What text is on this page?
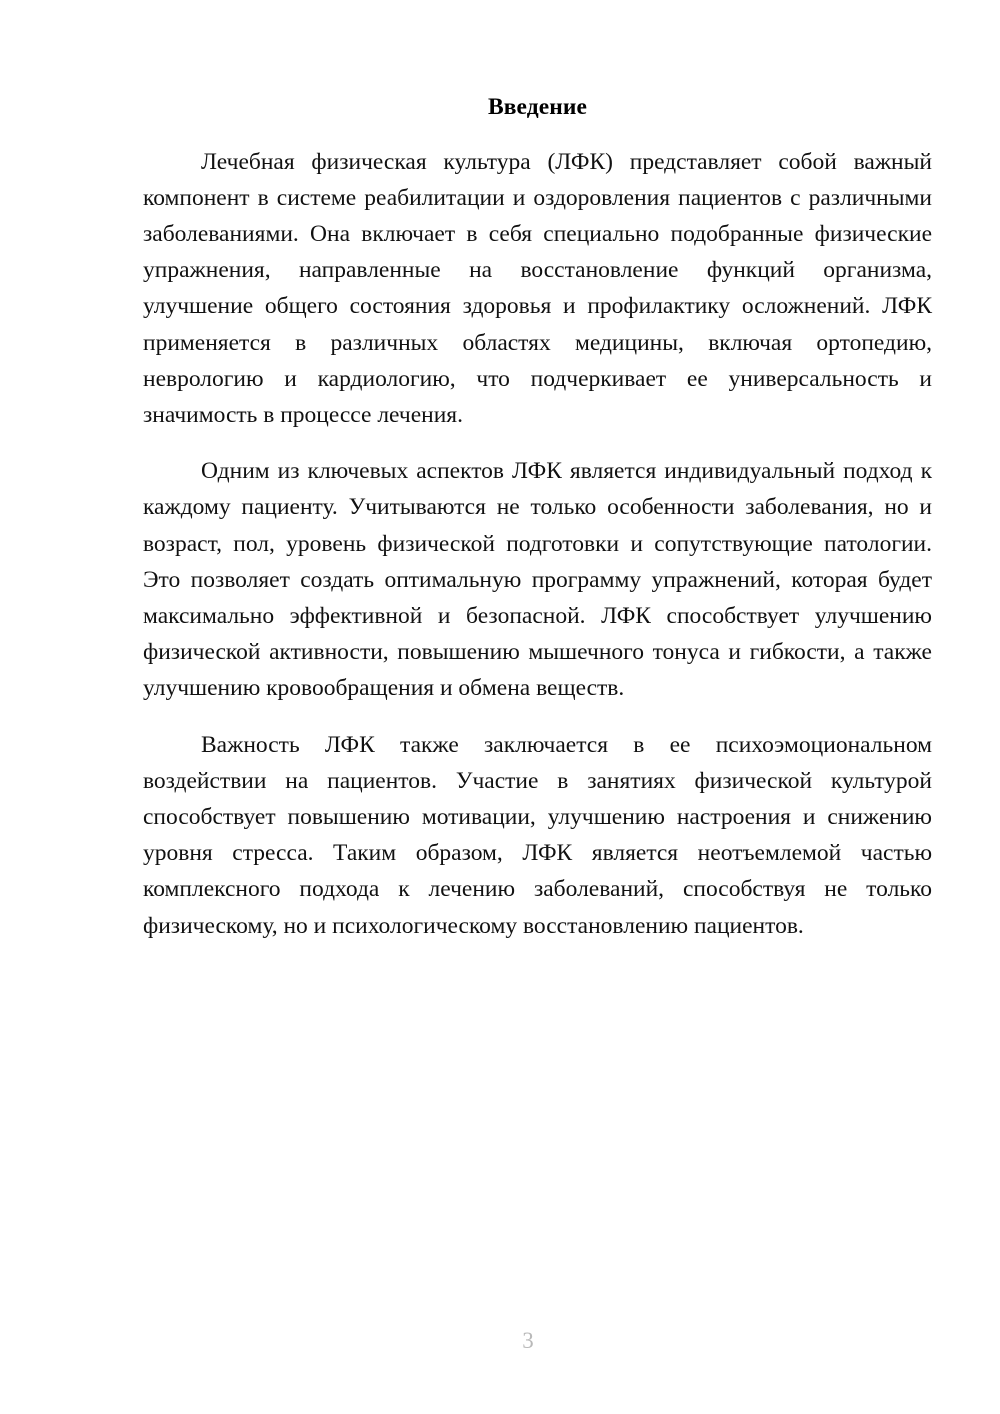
Введение

Лечебная физическая культура (ЛФК) представляет собой важный компонент в системе реабилитации и оздоровления пациентов с различными заболеваниями. Она включает в себя специально подобранные физические упражнения, направленные на восстановление функций организма, улучшение общего состояния здоровья и профилактику осложнений. ЛФК применяется в различных областях медицины, включая ортопедию, неврологию и кардиологию, что подчеркивает ее универсальность и значимость в процессе лечения.

Одним из ключевых аспектов ЛФК является индивидуальный подход к каждому пациенту. Учитываются не только особенности заболевания, но и возраст, пол, уровень физической подготовки и сопутствующие патологии. Это позволяет создать оптимальную программу упражнений, которая будет максимально эффективной и безопасной. ЛФК способствует улучшению физической активности, повышению мышечного тонуса и гибкости, а также улучшению кровообращения и обмена веществ.

Важность ЛФК также заключается в ее психоэмоциональном воздействии на пациентов. Участие в занятиях физической культурой способствует повышению мотивации, улучшению настроения и снижению уровня стресса. Таким образом, ЛФК является неотъемлемой частью комплексного подхода к лечению заболеваний, способствуя не только физическому, но и психологическому восстановлению пациентов.

3
